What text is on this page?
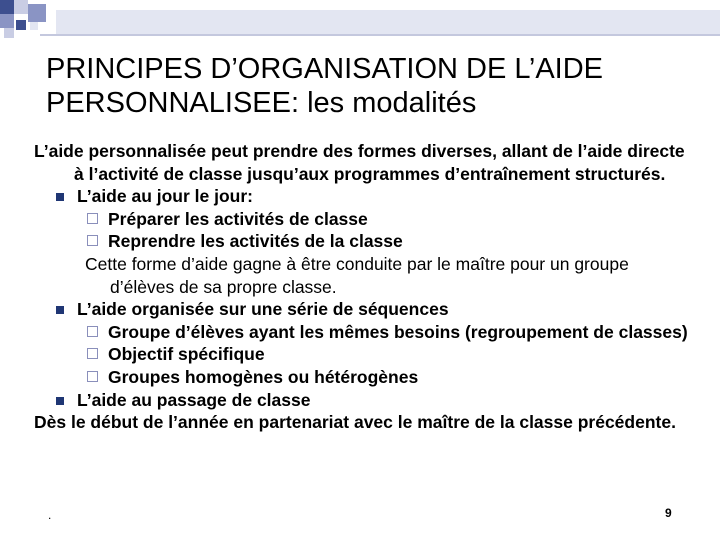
PRINCIPES D’ORGANISATION DE L’AIDE
PERSONNALISEE: les modalités
L’aide personnalisée peut prendre des formes diverses, allant de l’aide directe à l’activité de classe jusqu’aux programmes d’entraînement structurés.
L’aide au jour le jour:
Préparer les activités de classe
Reprendre les activités de la classe
Cette forme d’aide gagne à être conduite par le maître pour un groupe d’élèves de sa propre classe.
L’aide organisée sur une série de séquences
Groupe d’élèves ayant les mêmes besoins (regroupement de classes)
Objectif spécifique
Groupes homogènes ou hétérogènes
L’aide au passage de classe
Dès le début de l’année en partenariat avec le maître de la classe précédente.
.	9
